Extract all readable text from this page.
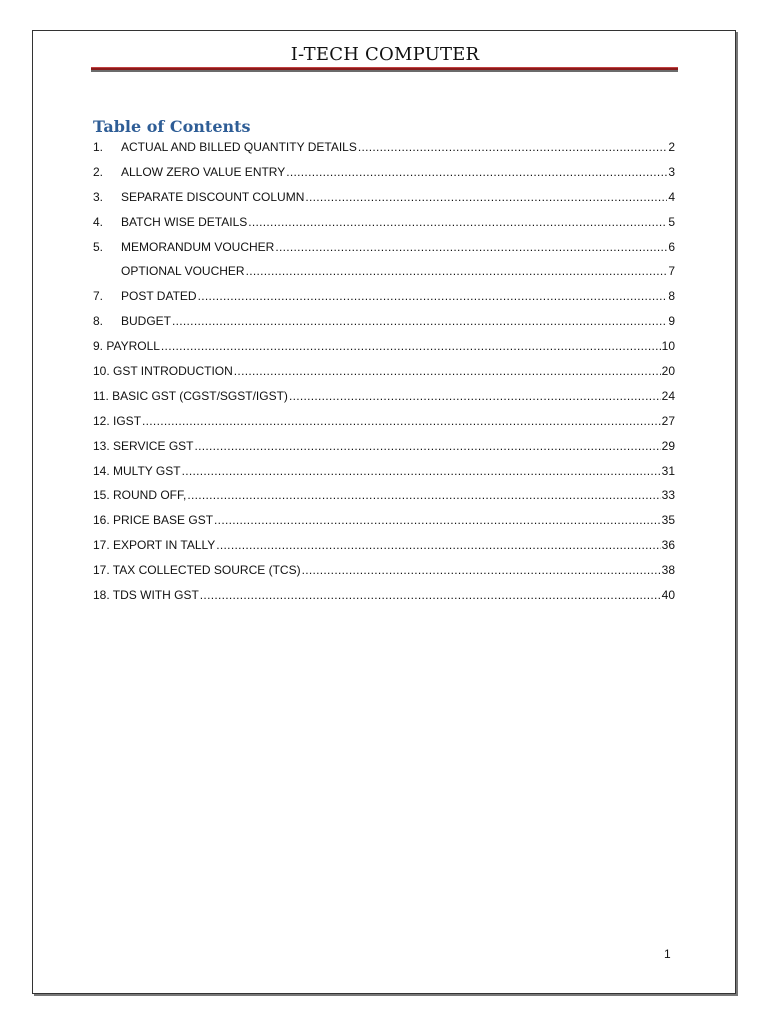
I-TECH COMPUTER
Table of Contents
1.	ACTUAL AND BILLED QUANTITY DETAILS .....	2
2.	ALLOW ZERO VALUE ENTRY .....	3
3.	SEPARATE DISCOUNT COLUMN .....	4
4.	BATCH WISE DETAILS .....	5
5.	MEMORANDUM VOUCHER .....	6
OPTIONAL VOUCHER .....	7
7.	POST DATED .....	8
8.	BUDGET .....	9
9. PAYROLL .....	10
10. GST INTRODUCTION .....	20
11. BASIC GST (CGST/SGST/IGST) .....	24
12. IGST .....	27
13. SERVICE GST .....	29
14. MULTY GST .....	31
15. ROUND OFF, .....	33
16. PRICE BASE GST .....	35
17. EXPORT IN TALLY .....	36
17. TAX COLLECTED SOURCE (TCS) .....	38
18. TDS WITH GST .....	40
1
